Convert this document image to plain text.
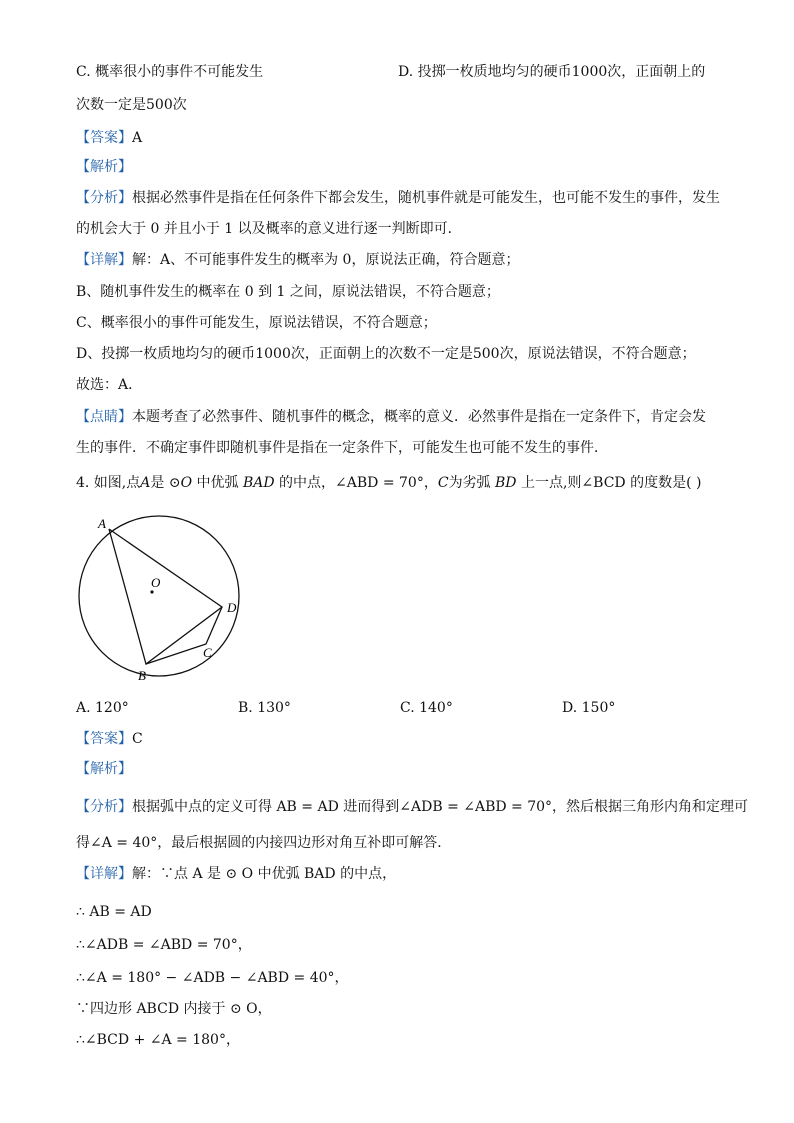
C. 概率很小的事件不可能发生	D. 投掷一枚质地均匀的硬币1000次，正面朝上的
次数一定是500次
【答案】A
【解析】
【分析】根据必然事件是指在任何条件下都会发生，随机事件就是可能发生，也可能不发生的事件，发生
的机会大于 0 并且小于 1 以及概率的意义进行逐一判断即可．
【详解】解：A、不可能事件发生的概率为 0，原说法正确，符合题意；
B、随机事件发生的概率在 0 到 1 之间，原说法错误，不符合题意；
C、概率很小的事件可能发生，原说法错误，不符合题意；
D、投掷一枚质地均匀的硬币1000次，正面朝上的次数不一定是500次，原说法错误，不符合题意；
故选：A．
【点睛】本题考查了必然事件、随机事件的概念，概率的意义．必然事件是指在一定条件下，肯定会发
生的事件．不确定事件即随机事件是指在一定条件下，可能发生也可能不发生的事件．
4. 如图,点A是 ⊙O 中优弧 BAD 的中点，∠ABD = 70°，C为劣弧 BD 上一点,则∠BCD 的度数是( )
A
O
D
C
B
A. 120°	B. 130°	C. 140°	D. 150°
【答案】C
【解析】
【分析】根据弧中点的定义可得 AB = AD 进而得到∠ADB = ∠ABD = 70°，然后根据三角形内角和定理可
得∠A = 40°，最后根据圆的内接四边形对角互补即可解答．
【详解】解：∵点 A 是 ⊙ O 中优弧 BAD 的中点，
∴ AB = AD
∴∠ADB = ∠ABD = 70°，
∴∠A = 180° − ∠ADB − ∠ABD = 40°，
∵四边形 ABCD 内接于 ⊙ O，
∴∠BCD + ∠A = 180°，
